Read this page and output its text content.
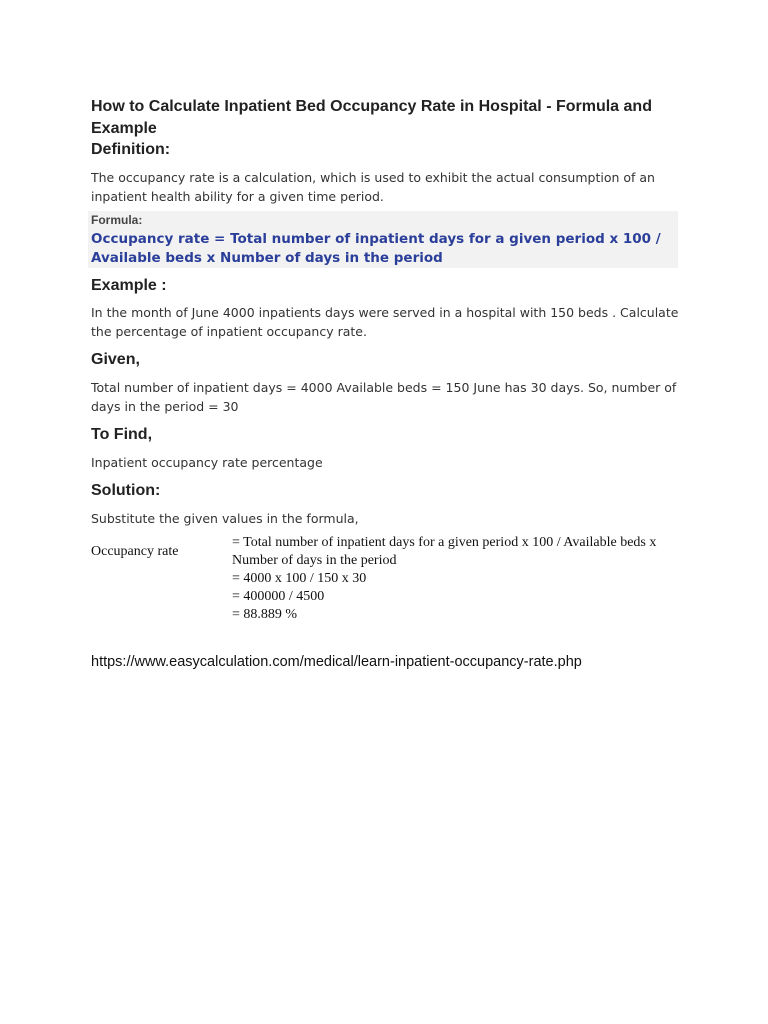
How to Calculate Inpatient Bed Occupancy Rate in Hospital - Formula and Example
Definition:
The occupancy rate is a calculation, which is used to exhibit the actual consumption of an inpatient health ability for a given time period.
Formula:
Occupancy rate = Total number of inpatient days for a given period x 100 / Available beds x Number of days in the period
Example :
In the month of June 4000 inpatients days were served in a hospital with 150 beds . Calculate the percentage of inpatient occupancy rate.
Given,
Total number of inpatient days = 4000 Available beds = 150 June has 30 days. So, number of days in the period = 30
To Find,
Inpatient occupancy rate percentage
Solution:
Substitute the given values in the formula,
Occupancy rate
= Total number of inpatient days for a given period x 100 / Available beds x Number of days in the period
= 4000 x 100 / 150 x 30
= 400000 / 4500
= 88.889 %
https://www.easycalculation.com/medical/learn-inpatient-occupancy-rate.php
